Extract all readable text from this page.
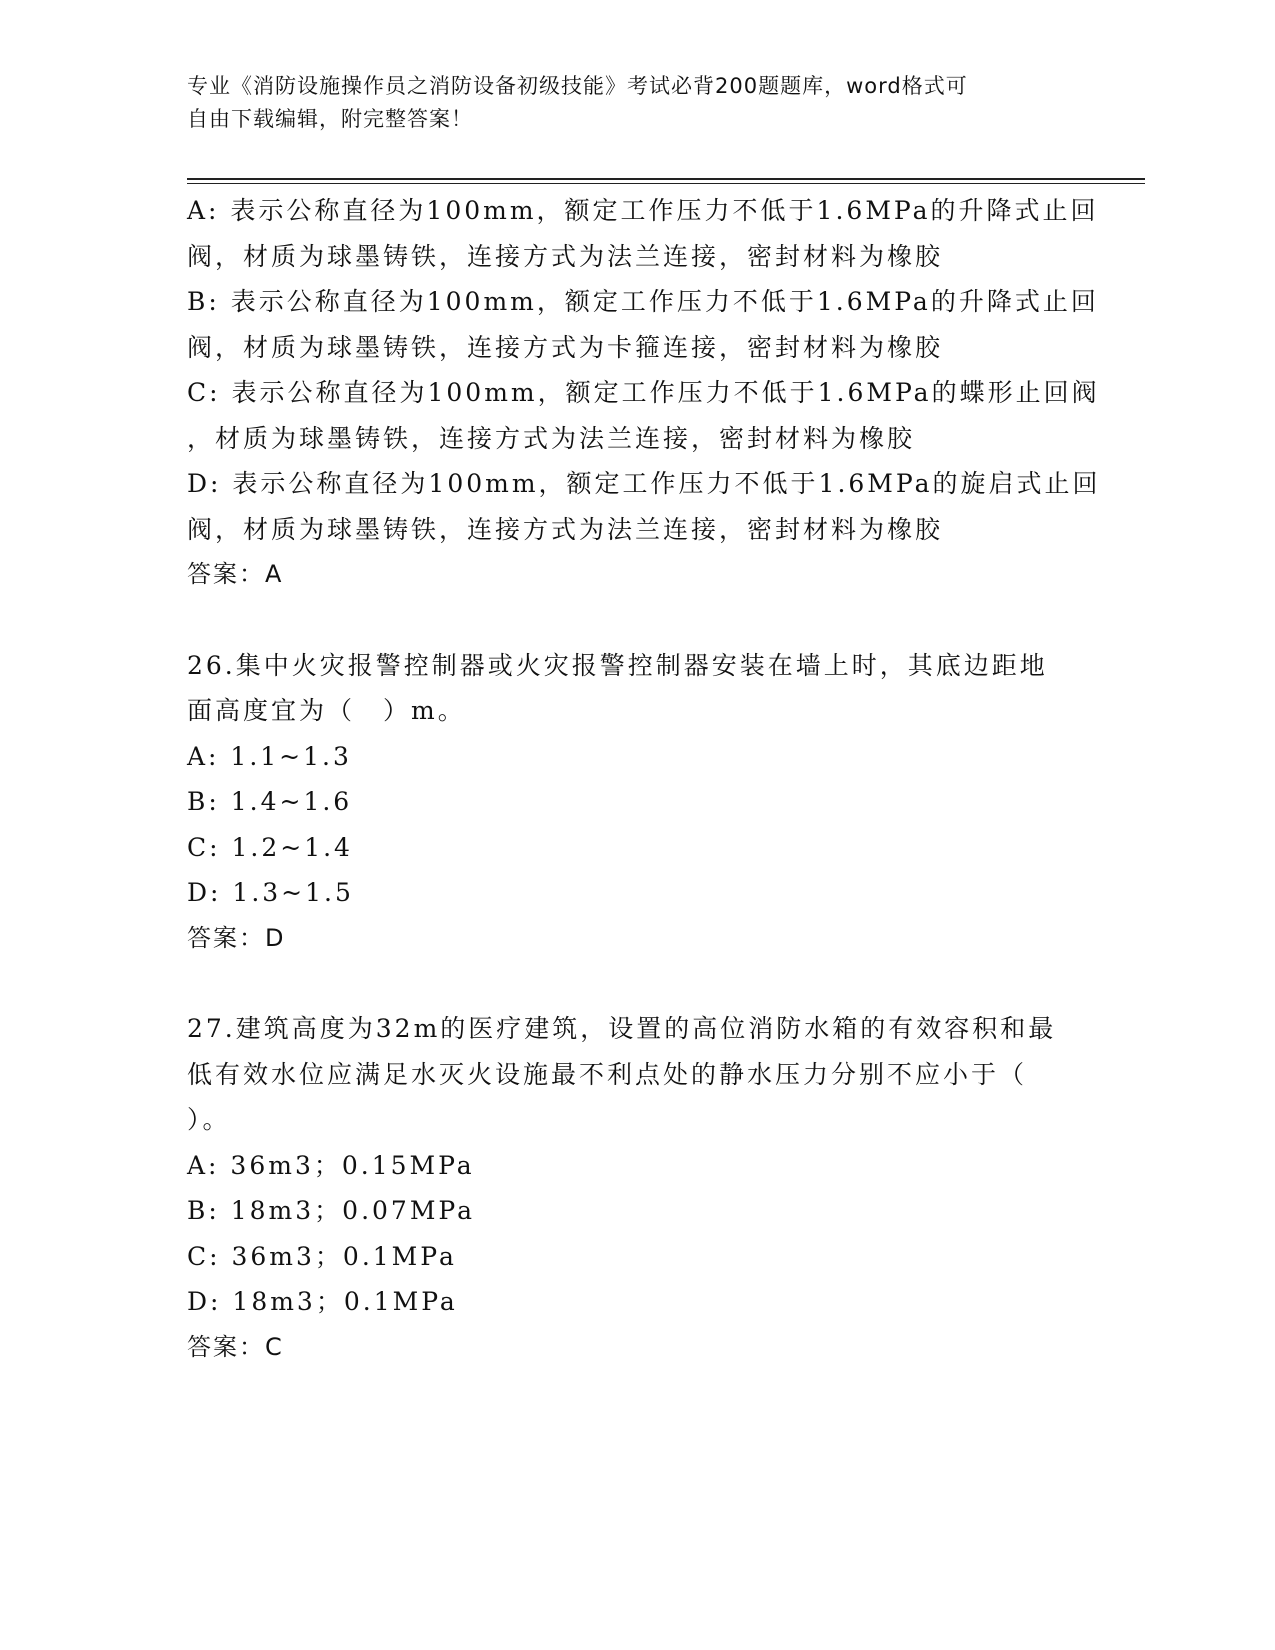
专业《消防设施操作员之消防设备初级技能》考试必背200题题库，word格式可
自由下载编辑，附完整答案！
A: 表示公称直径为100mm，额定工作压力不低于1.6MPa的升降式止回
阀，材质为球墨铸铁，连接方式为法兰连接，密封材料为橡胶
B: 表示公称直径为100mm，额定工作压力不低于1.6MPa的升降式止回
阀，材质为球墨铸铁，连接方式为卡箍连接，密封材料为橡胶
C: 表示公称直径为100mm，额定工作压力不低于1.6MPa的蝶形止回阀
，材质为球墨铸铁，连接方式为法兰连接，密封材料为橡胶
D: 表示公称直径为100mm，额定工作压力不低于1.6MPa的旋启式止回
阀，材质为球墨铸铁，连接方式为法兰连接，密封材料为橡胶
答案：A
26.集中火灾报警控制器或火灾报警控制器安装在墙上时，其底边距地
面高度宜为（　）m。
A: 1.1~1.3
B: 1.4~1.6
C: 1.2~1.4
D: 1.3~1.5
答案：D
27.建筑高度为32m的医疗建筑，设置的高位消防水箱的有效容积和最
低有效水位应满足水灭火设施最不利点处的静水压力分别不应小于（
）。
A: 36m3；0.15MPa
B: 18m3；0.07MPa
C: 36m3；0.1MPa
D: 18m3；0.1MPa
答案：C
